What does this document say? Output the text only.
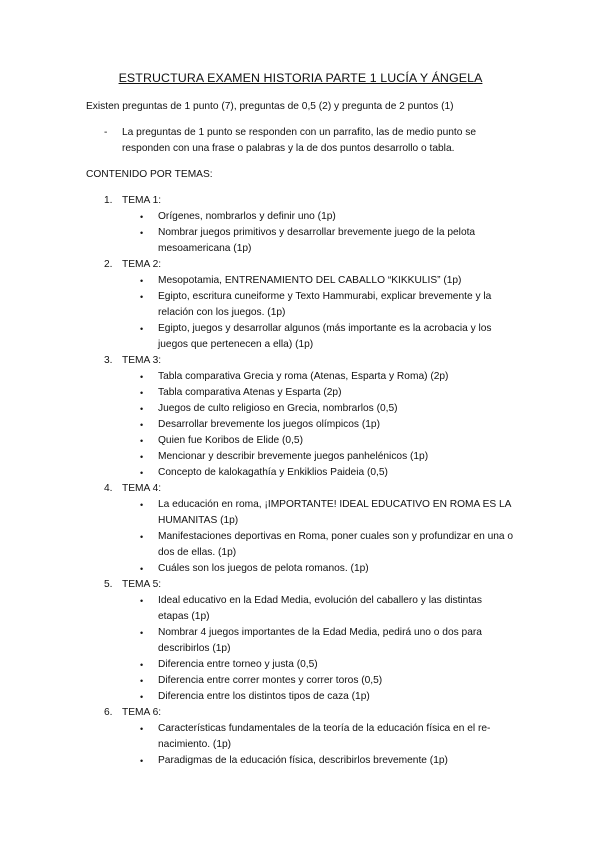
ESTRUCTURA EXAMEN HISTORIA PARTE 1 LUCÍA Y ÁNGELA

Existen preguntas de 1 punto (7), preguntas de 0,5 (2) y pregunta de 2 puntos (1)

- La preguntas de 1 punto se responden con un parrafito, las de medio punto se responden con una frase o palabras y la de dos puntos desarrollo o tabla.

CONTENIDO POR TEMAS:

1. TEMA 1:
• Orígenes, nombrarlos y definir uno (1p)
• Nombrar juegos primitivos y desarrollar brevemente juego de la pelota mesoamericana (1p)
2. TEMA 2:
• Mesopotamia, ENTRENAMIENTO DEL CABALLO “KIKKULIS” (1p)
• Egipto, escritura cuneiforme y Texto Hammurabi, explicar brevemente y la relación con los juegos. (1p)
• Egipto, juegos y desarrollar algunos (más importante es la acrobacia y los juegos que pertenecen a ella) (1p)
3. TEMA 3:
• Tabla comparativa Grecia y roma (Atenas, Esparta y Roma) (2p)
• Tabla comparativa Atenas y Esparta (2p)
• Juegos de culto religioso en Grecia, nombrarlos (0,5)
• Desarrollar brevemente los juegos olímpicos (1p)
• Quien fue Koribos de Elide (0,5)
• Mencionar y describir brevemente juegos panhelénicos (1p)
• Concepto de kalokagathía y Enkiklios Paideia (0,5)
4. TEMA 4:
• La educación en roma, ¡IMPORTANTE! IDEAL EDUCATIVO EN ROMA ES LA HUMANITAS (1p)
• Manifestaciones deportivas en Roma, poner cuales son y profundizar en una o dos de ellas. (1p)
• Cuáles son los juegos de pelota romanos. (1p)
5. TEMA 5:
• Ideal educativo en la Edad Media, evolución del caballero y las distintas etapas (1p)
• Nombrar 4 juegos importantes de la Edad Media, pedirá uno o dos para describirlos (1p)
• Diferencia entre torneo y justa (0,5)
• Diferencia entre correr montes y correr toros (0,5)
• Diferencia entre los distintos tipos de caza (1p)
6. TEMA 6:
• Características fundamentales de la teoría de la educación física en el re-nacimiento. (1p)
• Paradigmas de la educación física, describirlos brevemente (1p)
